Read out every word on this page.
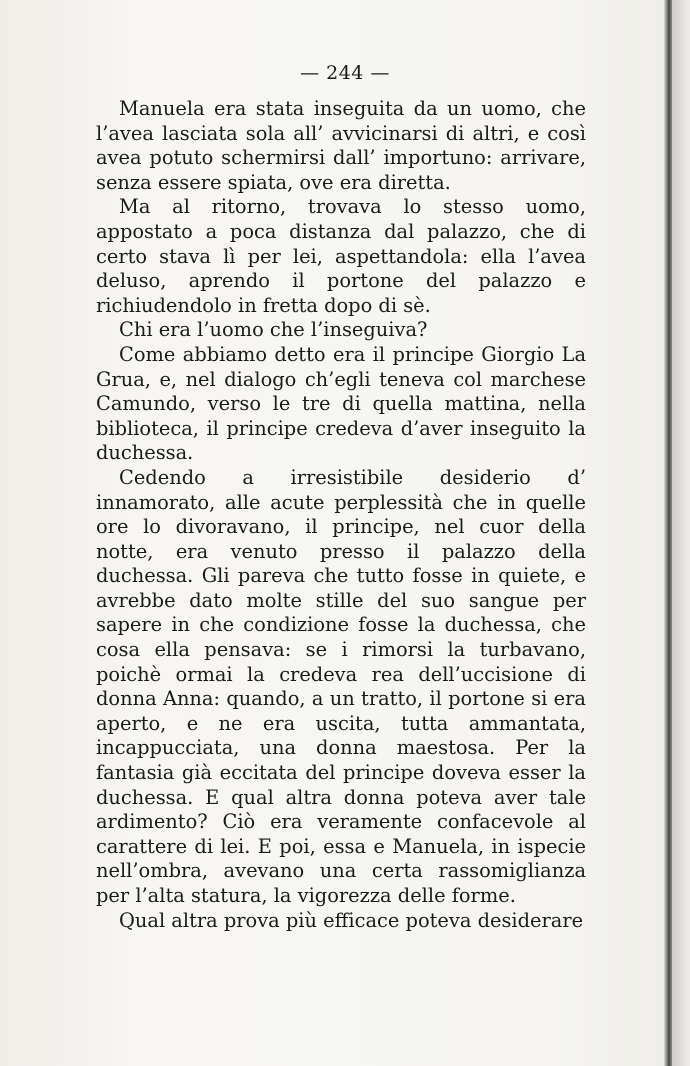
— 244 —

Manuela era stata inseguita da un uomo, che l’avea lasciata sola all’ avvicinarsi di altri, e così avea potuto schermirsi dall’ importuno: arrivare, senza essere spiata, ove era diretta.

Ma al ritorno, trovava lo stesso uomo, appostato a poca distanza dal palazzo, che di certo stava lì per lei, aspettandola: ella l’avea deluso, aprendo il portone del palazzo e richiudendolo in fretta dopo di sè.

Chi era l’uomo che l’inseguiva?

Come abbiamo detto era il principe Giorgio La Grua, e, nel dialogo ch’egli teneva col marchese Camundo, verso le tre di quella mattina, nella biblioteca, il principe credeva d’aver inseguito la duchessa.

Cedendo a irresistibile desiderio d’ innamorato, alle acute perplessità che in quelle ore lo divoravano, il principe, nel cuor della notte, era venuto presso il palazzo della duchessa. Gli pareva che tutto fosse in quiete, e avrebbe dato molte stille del suo sangue per sapere in che condizione fosse la duchessa, che cosa ella pensava: se i rimorsi la turbavano, poichè ormai la credeva rea dell’uccisione di donna Anna: quando, a un tratto, il portone si era aperto, e ne era uscita, tutta ammantata, incappucciata, una donna maestosa. Per la fantasia già eccitata del principe doveva esser la duchessa. E qual altra donna poteva aver tale ardimento? Ciò era veramente confacevole al carattere di lei. E poi, essa e Manuela, in ispecie nell’ombra, avevano una certa rassomiglianza per l’alta statura, la vigorezza delle forme.

Qual altra prova più efficace poteva desiderare
